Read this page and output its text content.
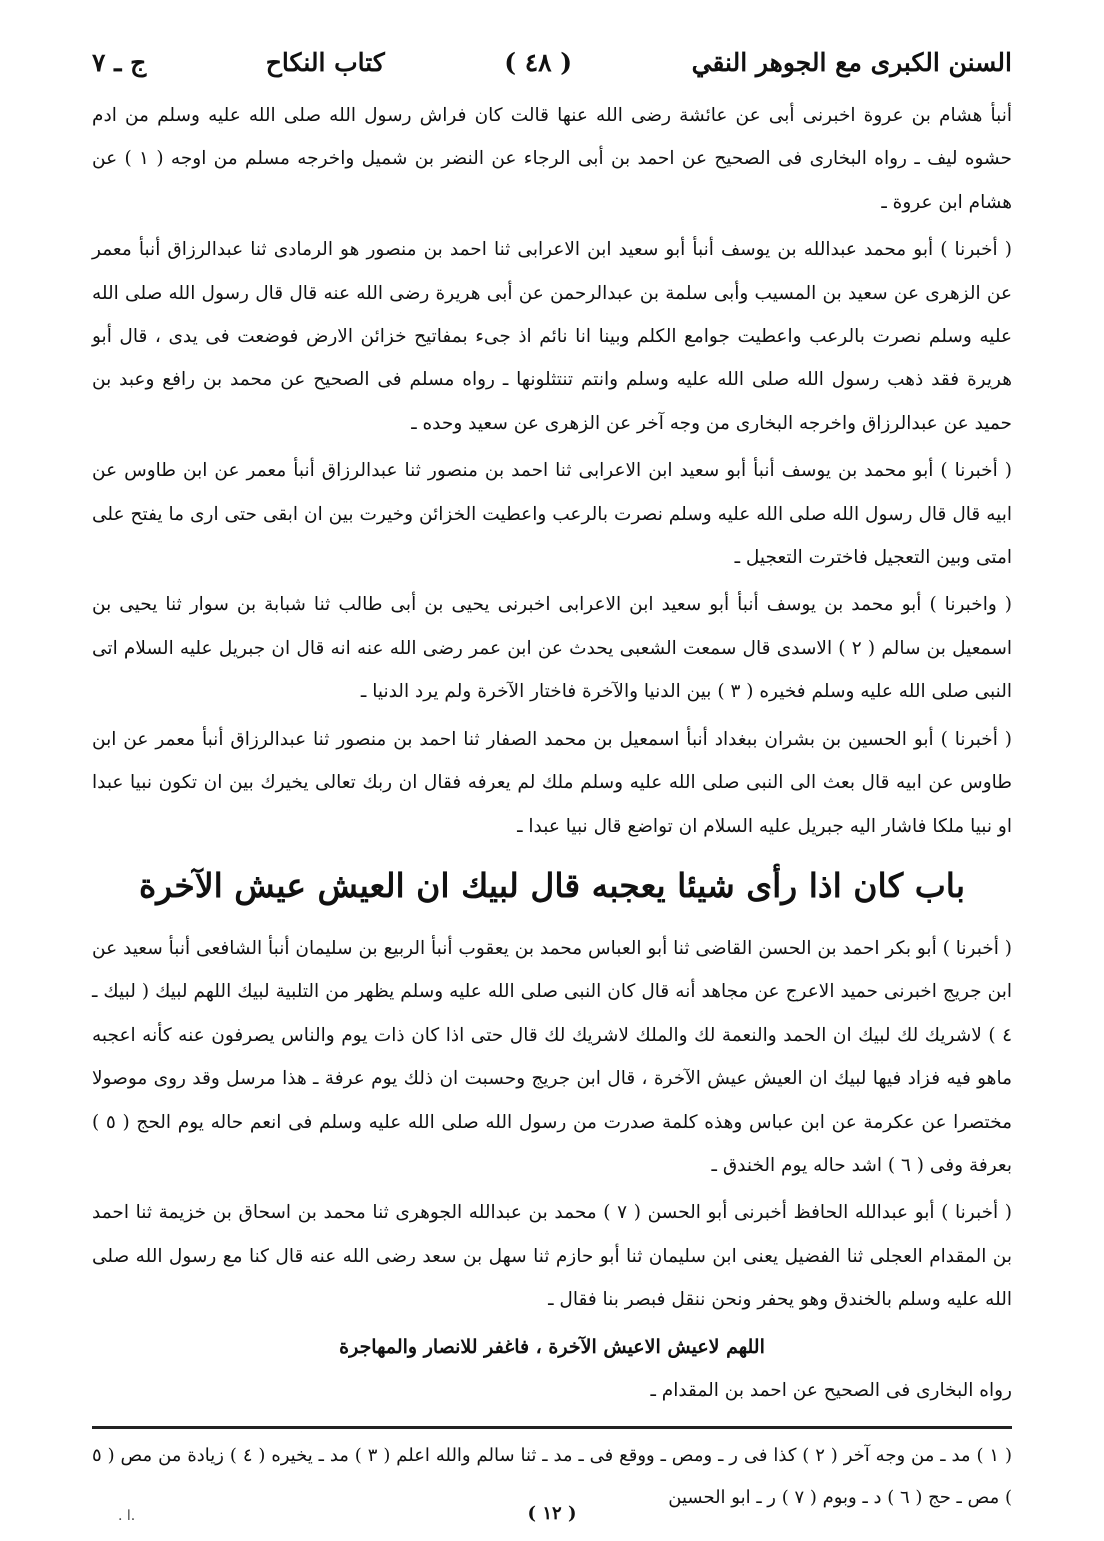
السنن الكبرى مع الجوهر النقي
( ٤٨ )
كتاب النكاح
ج ـ ٧

أنبأ هشام بن عروة اخبرنى أبى عن عائشة رضى الله عنها قالت كان فراش رسول الله صلى الله عليه وسلم من ادم حشوه ليف ـ رواه البخارى فى الصحيح عن احمد بن أبى الرجاء عن النضر بن شميل واخرجه مسلم من اوجه ( ١ ) عن هشام ابن عروة ـ

( أخبرنا ) أبو محمد عبدالله بن يوسف أنبأ أبو سعيد ابن الاعرابى ثنا احمد بن منصور هو الرمادى ثنا عبدالرزاق أنبأ معمر عن الزهرى عن سعيد بن المسيب وأبى سلمة بن عبدالرحمن عن أبى هريرة رضى الله عنه قال قال رسول الله صلى الله عليه وسلم نصرت بالرعب واعطيت جوامع الكلم وبينا انا نائم اذ جىء بمفاتيح خزائن الارض فوضعت فى يدى ، قال أبو هريرة فقد ذهب رسول الله صلى الله عليه وسلم وانتم تنتثلونها ـ رواه مسلم فى الصحيح عن محمد بن رافع وعبد بن حميد عن عبدالرزاق واخرجه البخارى من وجه آخر عن الزهرى عن سعيد وحده ـ

( أخبرنا ) أبو محمد بن يوسف أنبأ أبو سعيد ابن الاعرابى ثنا احمد بن منصور ثنا عبدالرزاق أنبأ معمر عن ابن طاوس عن ابيه قال قال رسول الله صلى الله عليه وسلم نصرت بالرعب واعطيت الخزائن وخيرت بين ان ابقى حتى ارى ما يفتح على امتى وبين التعجيل فاخترت التعجيل ـ

( واخبرنا ) أبو محمد بن يوسف أنبأ أبو سعيد ابن الاعرابى اخبرنى يحيى بن أبى طالب ثنا شبابة بن سوار ثنا يحيى بن اسمعيل بن سالم ( ٢ ) الاسدى قال سمعت الشعبى يحدث عن ابن عمر رضى الله عنه انه قال ان جبريل عليه السلام اتى النبى صلى الله عليه وسلم فخيره ( ٣ ) بين الدنيا والآخرة فاختار الآخرة ولم يرد الدنيا ـ

( أخبرنا ) أبو الحسين بن بشران ببغداد أنبأ اسمعيل بن محمد الصفار ثنا احمد بن منصور ثنا عبدالرزاق أنبأ معمر عن ابن طاوس عن ابيه قال بعث الى النبى صلى الله عليه وسلم ملك لم يعرفه فقال ان ربك تعالى يخيرك بين ان تكون نبيا عبدا او نبيا ملكا فاشار اليه جبريل عليه السلام ان تواضع قال نبيا عبدا ـ

باب كان اذا رأى شيئا يعجبه قال لبيك ان العيش عيش الآخرة

( أخبرنا ) أبو بكر احمد بن الحسن القاضى ثنا أبو العباس محمد بن يعقوب أنبأ الربيع بن سليمان أنبأ الشافعى أنبأ سعيد عن ابن جريج اخبرنى حميد الاعرج عن مجاهد أنه قال كان النبى صلى الله عليه وسلم يظهر من التلبية لبيك اللهم لبيك ( لبيك ـ ٤ ) لاشريك لك لبيك ان الحمد والنعمة لك والملك لاشريك لك قال حتى اذا كان ذات يوم والناس يصرفون عنه كأنه اعجبه ماهو فيه فزاد فيها لبيك ان العيش عيش الآخرة ، قال ابن جريج وحسبت ان ذلك يوم عرفة ـ هذا مرسل وقد روى موصولا مختصرا عن عكرمة عن ابن عباس وهذه كلمة صدرت من رسول الله صلى الله عليه وسلم فى انعم حاله يوم الحج ( ٥ ) بعرفة وفى ( ٦ ) اشد حاله يوم الخندق ـ

( أخبرنا ) أبو عبدالله الحافظ أخبرنى أبو الحسن ( ٧ ) محمد بن عبدالله الجوهرى ثنا محمد بن اسحاق بن خزيمة ثنا احمد بن المقدام العجلى ثنا الفضيل يعنى ابن سليمان ثنا أبو حازم ثنا سهل بن سعد رضى الله عنه قال كنا مع رسول الله صلى الله عليه وسلم بالخندق وهو يحفر ونحن ننقل فبصر بنا فقال ـ

اللهم لاعيش الاعيش الآخرة ، فاغفر للانصار والمهاجرة
رواه البخارى فى الصحيح عن احمد بن المقدام ـ
( ١ ) مد ـ من وجه آخر ( ٢ ) كذا فى ر ـ ومص ـ ووقع فى ـ مد ـ ثنا سالم والله اعلم ( ٣ ) مد ـ يخيره ( ٤ ) زيادة من مص ( ٥ ) مص ـ حج ( ٦ ) د ـ وبوم ( ٧ ) ر ـ ابو الحسين
. ا.	( ١٢ )
